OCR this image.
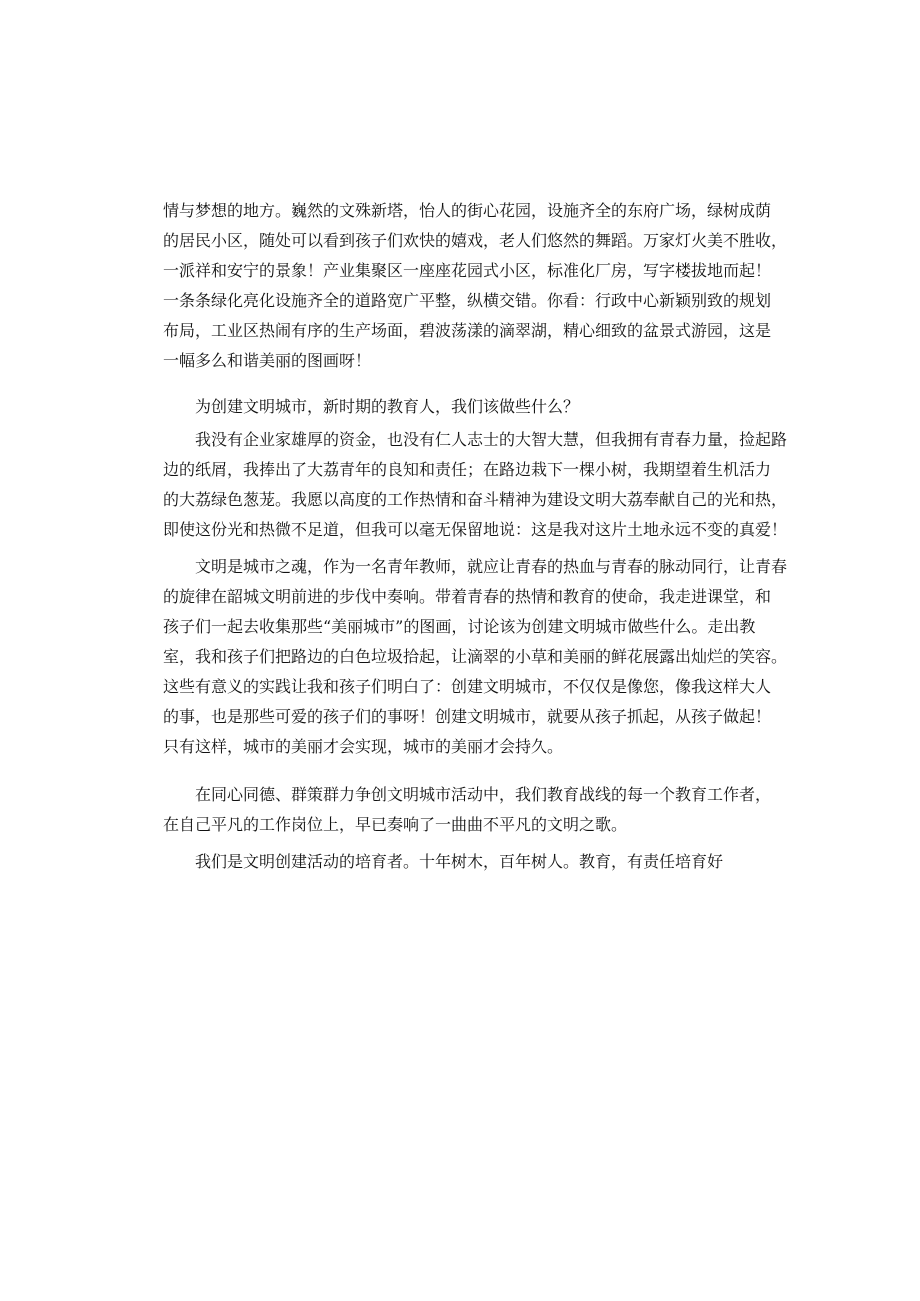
情与梦想的地方。巍然的文殊新塔，怡人的街心花园，设施齐全的东府广场，绿树成荫
的居民小区，随处可以看到孩子们欢快的嬉戏，老人们悠然的舞蹈。万家灯火美不胜收，
一派祥和安宁的景象！产业集聚区一座座花园式小区，标准化厂房，写字楼拔地而起！
一条条绿化亮化设施齐全的道路宽广平整，纵横交错。你看：行政中心新颖别致的规划
布局，工业区热闹有序的生产场面，碧波荡漾的滴翠湖，精心细致的盆景式游园，这是
一幅多么和谐美丽的图画呀！
为创建文明城市，新时期的教育人，我们该做些什么？
我没有企业家雄厚的资金，也没有仁人志士的大智大慧，但我拥有青春力量，捡起路
边的纸屑，我捧出了大荔青年的良知和责任；在路边栽下一棵小树，我期望着生机活力
的大荔绿色葱茏。我愿以高度的工作热情和奋斗精神为建设文明大荔奉献自己的光和热，
即使这份光和热微不足道，但我可以毫无保留地说：这是我对这片土地永远不变的真爱！
文明是城市之魂，作为一名青年教师，就应让青春的热血与青春的脉动同行，让青春
的旋律在韶城文明前进的步伐中奏响。带着青春的热情和教育的使命，我走进课堂，和
孩子们一起去收集那些“美丽城市”的图画，讨论该为创建文明城市做些什么。走出教
室，我和孩子们把路边的白色垃圾拾起，让滴翠的小草和美丽的鲜花展露出灿烂的笑容。
这些有意义的实践让我和孩子们明白了：创建文明城市，不仅仅是像您，像我这样大人
的事，也是那些可爱的孩子们的事呀！创建文明城市，就要从孩子抓起，从孩子做起！
只有这样，城市的美丽才会实现，城市的美丽才会持久。
在同心同德、群策群力争创文明城市活动中，我们教育战线的每一个教育工作者，
在自己平凡的工作岗位上，早已奏响了一曲曲不平凡的文明之歌。
我们是文明创建活动的培育者。十年树木，百年树人。教育，有责任培育好
